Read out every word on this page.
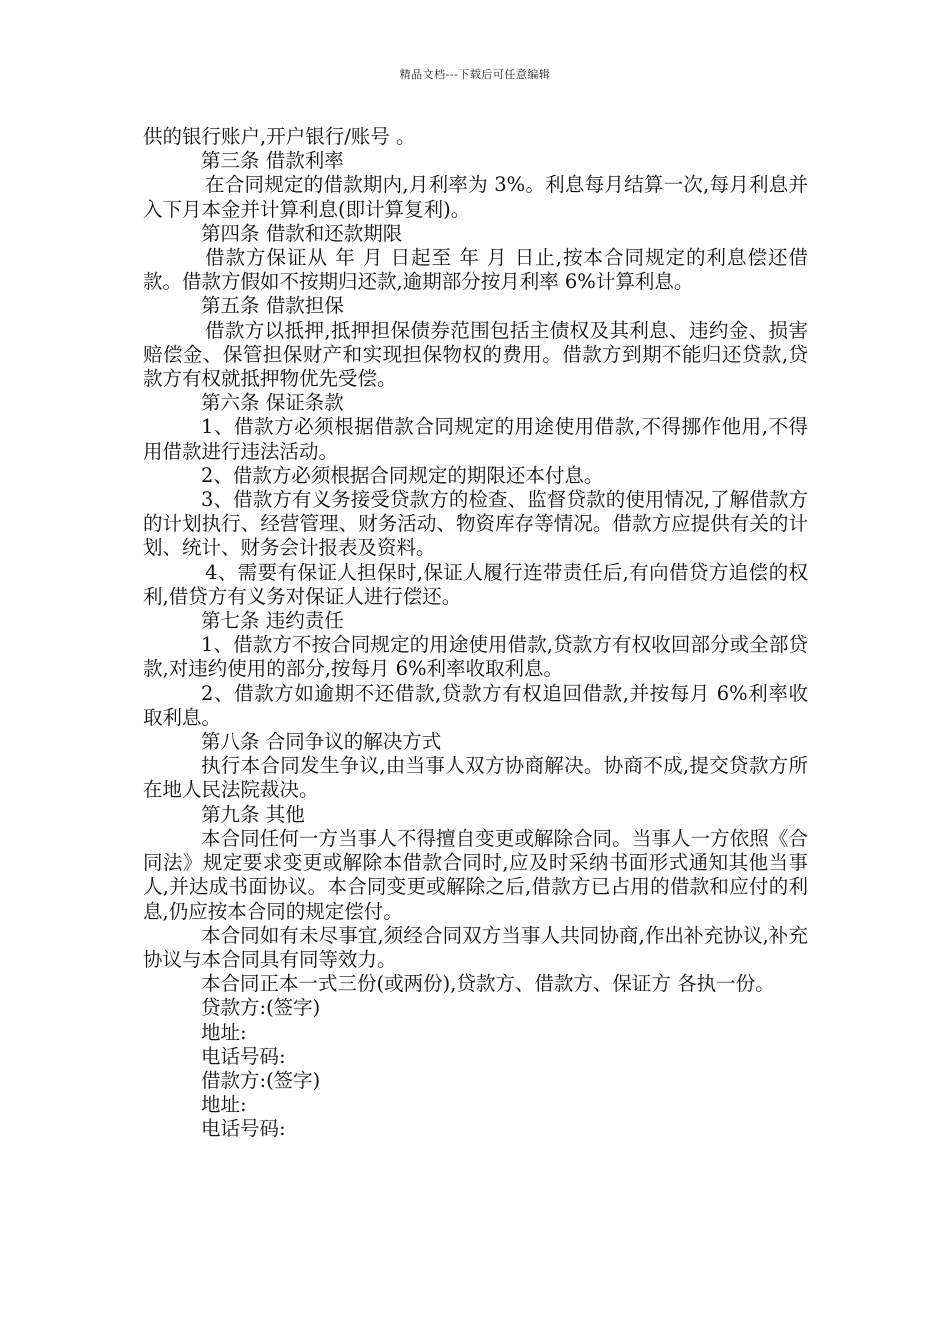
精品文档---下载后可任意编辑

供的银行账户,开户银行/账号 。

第三条 借款利率

在合同规定的借款期内,月利率为 3%。利息每月结算一次,每月利息并入下月本金并计算利息(即计算复利)。

第四条 借款和还款期限

借款方保证从 年 月 日起至 年 月 日止,按本合同规定的利息偿还借款。借款方假如不按期归还款,逾期部分按月利率 6%计算利息。

第五条 借款担保

借款方以抵押,抵押担保债券范围包括主债权及其利息、违约金、损害赔偿金、保管担保财产和实现担保物权的费用。借款方到期不能归还贷款,贷款方有权就抵押物优先受偿。

第六条 保证条款

1、借款方必须根据借款合同规定的用途使用借款,不得挪作他用,不得用借款进行违法活动。

2、借款方必须根据合同规定的期限还本付息。

3、借款方有义务接受贷款方的检查、监督贷款的使用情况,了解借款方的计划执行、经营管理、财务活动、物资库存等情况。借款方应提供有关的计划、统计、财务会计报表及资料。

4、需要有保证人担保时,保证人履行连带责任后,有向借贷方追偿的权利,借贷方有义务对保证人进行偿还。

第七条 违约责任

1、借款方不按合同规定的用途使用借款,贷款方有权收回部分或全部贷款,对违约使用的部分,按每月 6%利率收取利息。

2、借款方如逾期不还借款,贷款方有权追回借款,并按每月 6%利率收取利息。

第八条 合同争议的解决方式

执行本合同发生争议,由当事人双方协商解决。协商不成,提交贷款方所在地人民法院裁决。

第九条 其他

本合同任何一方当事人不得擅自变更或解除合同。当事人一方依照《合同法》规定要求变更或解除本借款合同时,应及时采纳书面形式通知其他当事人,并达成书面协议。本合同变更或解除之后,借款方已占用的借款和应付的利息,仍应按本合同的规定偿付。

本合同如有未尽事宜,须经合同双方当事人共同协商,作出补充协议,补充协议与本合同具有同等效力。

本合同正本一式三份(或两份),贷款方、借款方、保证方 各执一份。

贷款方:(签字)

地址:

电话号码:

借款方:(签字)

地址:

电话号码:
